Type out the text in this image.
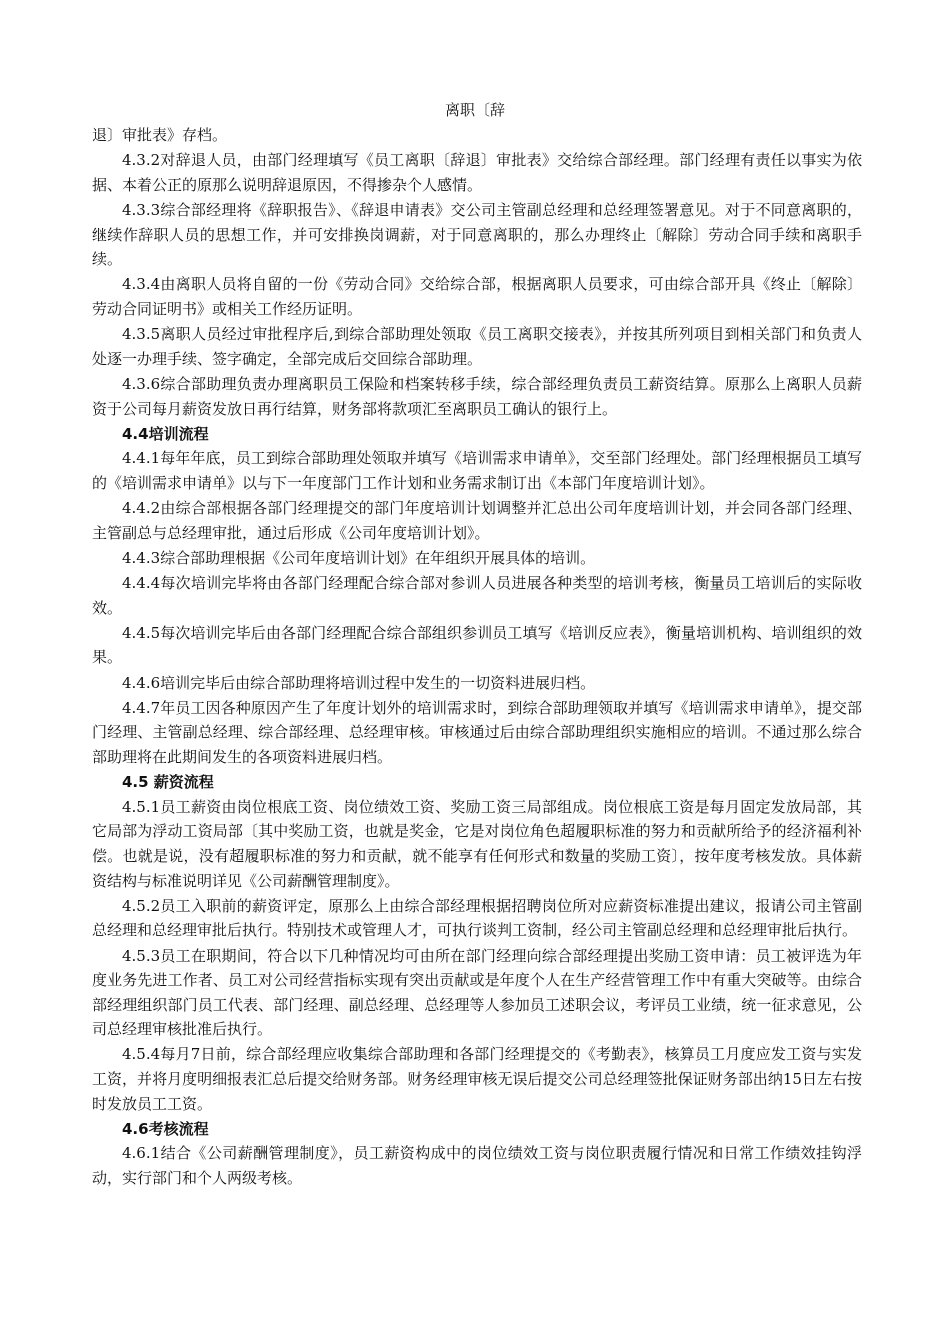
离职〔辞

退〕审批表》存档。

4.3.2对辞退人员，由部门经理填写《员工离职〔辞退〕审批表》交给综合部经理。部门经理有责任以事实为依据、本着公正的原那么说明辞退原因，不得掺杂个人感情。

4.3.3综合部经理将《辞职报告》、《辞退申请表》交公司主管副总经理和总经理签署意见。对于不同意离职的，继续作辞职人员的思想工作，并可安排换岗调薪，对于同意离职的，那么办理终止〔解除〕劳动合同手续和离职手续。

4.3.4由离职人员将自留的一份《劳动合同》交给综合部，根据离职人员要求，可由综合部开具《终止〔解除〕劳动合同证明书》或相关工作经历证明。

4.3.5离职人员经过审批程序后,到综合部助理处领取《员工离职交接表》，并按其所列项目到相关部门和负责人处逐一办理手续、签字确定，全部完成后交回综合部助理。

4.3.6综合部助理负责办理离职员工保险和档案转移手续，综合部经理负责员工薪资结算。原那么上离职人员薪资于公司每月薪资发放日再行结算，财务部将款项汇至离职员工确认的银行上。

4.4培训流程

4.4.1每年年底，员工到综合部助理处领取并填写《培训需求申请单》，交至部门经理处。部门经理根据员工填写的《培训需求申请单》以与下一年度部门工作计划和业务需求制订出《本部门年度培训计划》。

4.4.2由综合部根据各部门经理提交的部门年度培训计划调整并汇总出公司年度培训计划，并会同各部门经理、主管副总与总经理审批，通过后形成《公司年度培训计划》。

4.4.3综合部助理根据《公司年度培训计划》在年组织开展具体的培训。

4.4.4每次培训完毕将由各部门经理配合综合部对参训人员进展各种类型的培训考核，衡量员工培训后的实际收效。

4.4.5每次培训完毕后由各部门经理配合综合部组织参训员工填写《培训反应表》，衡量培训机构、培训组织的效果。

4.4.6培训完毕后由综合部助理将培训过程中发生的一切资料进展归档。

4.4.7年员工因各种原因产生了年度计划外的培训需求时，到综合部助理领取并填写《培训需求申请单》，提交部门经理、主管副总经理、综合部经理、总经理审核。审核通过后由综合部助理组织实施相应的培训。不通过那么综合部助理将在此期间发生的各项资料进展归档。

4.5 薪资流程

4.5.1员工薪资由岗位根底工资、岗位绩效工资、奖励工资三局部组成。岗位根底工资是每月固定发放局部，其它局部为浮动工资局部〔其中奖励工资，也就是奖金，它是对岗位角色超履职标准的努力和贡献所给予的经济福利补偿。也就是说，没有超履职标准的努力和贡献，就不能享有任何形式和数量的奖励工资〕，按年度考核发放。具体薪资结构与标准说明详见《公司薪酬管理制度》。

4.5.2员工入职前的薪资评定，原那么上由综合部经理根据招聘岗位所对应薪资标准提出建议，报请公司主管副总经理和总经理审批后执行。特别技术或管理人才，可执行谈判工资制，经公司主管副总经理和总经理审批后执行。

4.5.3员工在职期间，符合以下几种情况均可由所在部门经理向综合部经理提出奖励工资申请：员工被评选为年度业务先进工作者、员工对公司经营指标实现有突出贡献或是年度个人在生产经营管理工作中有重大突破等。由综合部经理组织部门员工代表、部门经理、副总经理、总经理等人参加员工述职会议，考评员工业绩，统一征求意见，公司总经理审核批准后执行。

4.5.4每月7日前，综合部经理应收集综合部助理和各部门经理提交的《考勤表》，核算员工月度应发工资与实发工资，并将月度明细报表汇总后提交给财务部。财务经理审核无误后提交公司总经理签批保证财务部出纳15日左右按时发放员工工资。

4.6考核流程

4.6.1结合《公司薪酬管理制度》，员工薪资构成中的岗位绩效工资与岗位职责履行情况和日常工作绩效挂钩浮动，实行部门和个人两级考核。
